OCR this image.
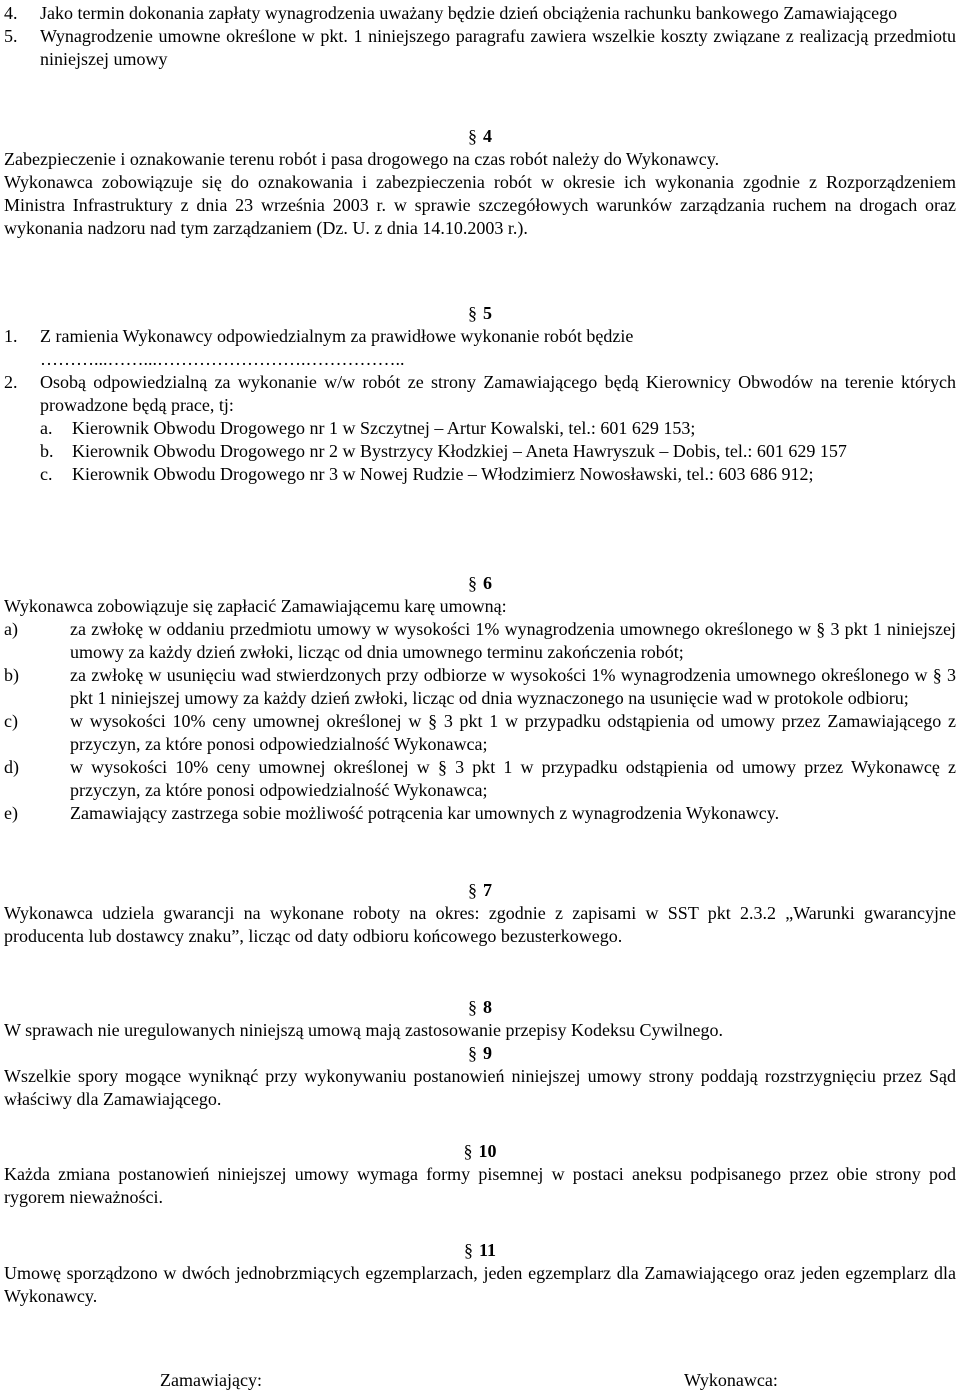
4. Jako termin dokonania zapłaty wynagrodzenia uważany będzie dzień obciążenia rachunku bankowego Zamawiającego

5. Wynagrodzenie umowne określone w pkt. 1 niniejszego paragrafu zawiera wszelkie koszty związane z realizacją przedmiotu niniejszej umowy

§ 4

Zabezpieczenie i oznakowanie terenu robót i pasa drogowego na czas robót należy do Wykonawcy.

Wykonawca zobowiązuje się do oznakowania i zabezpieczenia robót w okresie ich wykonania zgodnie z Rozporządzeniem Ministra Infrastruktury z dnia 23 września 2003 r. w sprawie szczegółowych warunków zarządzania ruchem na drogach oraz wykonania nadzoru nad tym zarządzaniem (Dz. U. z dnia 14.10.2003 r.).

§ 5

1. Z ramienia Wykonawcy odpowiedzialnym za prawidłowe wykonanie robót będzie
………...……...…………………….……………..

2. Osobą odpowiedzialną za wykonanie w/w robót ze strony Zamawiającego będą Kierownicy Obwodów na terenie których prowadzone będą prace, tj:

a. Kierownik Obwodu Drogowego nr 1 w Szczytnej – Artur Kowalski, tel.: 601 629 153;

b. Kierownik Obwodu Drogowego nr 2 w Bystrzycy Kłodzkiej – Aneta Hawryszuk – Dobis, tel.: 601 629 157

c. Kierownik Obwodu Drogowego nr 3 w Nowej Rudzie – Włodzimierz Nowosławski, tel.: 603 686 912;

§ 6

Wykonawca zobowiązuje się zapłacić Zamawiającemu karę umowną:

a)	za zwłokę w oddaniu przedmiotu umowy w wysokości 1% wynagrodzenia umownego określonego w § 3 pkt 1 niniejszej umowy za każdy dzień zwłoki, licząc od dnia umownego terminu zakończenia robót;

b)	za zwłokę w usunięciu wad stwierdzonych przy odbiorze w wysokości 1% wynagrodzenia umownego określonego w § 3 pkt 1 niniejszej umowy za każdy dzień zwłoki, licząc od dnia wyznaczonego na usunięcie wad w protokole odbioru;

c)	w wysokości 10% ceny umownej określonej w § 3 pkt 1 w przypadku odstąpienia od umowy przez Zamawiającego z przyczyn, za które ponosi odpowiedzialność Wykonawca;

d)	w wysokości 10% ceny umownej określonej w § 3 pkt 1 w przypadku odstąpienia od umowy przez Wykonawcę z przyczyn, za które ponosi odpowiedzialność Wykonawca;

e)	Zamawiający zastrzega sobie możliwość potrącenia kar umownych z wynagrodzenia Wykonawcy.

§ 7

Wykonawca udziela gwarancji na wykonane roboty na okres: zgodnie z zapisami w SST pkt 2.3.2 „Warunki gwarancyjne producenta lub dostawcy znaku”, licząc od daty odbioru końcowego bezusterkowego.

§ 8

W sprawach nie uregulowanych niniejszą umową mają zastosowanie przepisy Kodeksu Cywilnego.

§ 9

Wszelkie spory mogące wyniknąć przy wykonywaniu postanowień niniejszej umowy strony poddają rozstrzygnięciu przez Sąd właściwy dla Zamawiającego.

§ 10

Każda zmiana postanowień niniejszej umowy wymaga formy pisemnej w postaci aneksu podpisanego przez obie strony pod rygorem nieważności.

§ 11

Umowę sporządzono w dwóch jednobrzmiących egzemplarzach, jeden egzemplarz dla Zamawiającego oraz jeden egzemplarz dla Wykonawcy.

Zamawiający:	Wykonawca:
